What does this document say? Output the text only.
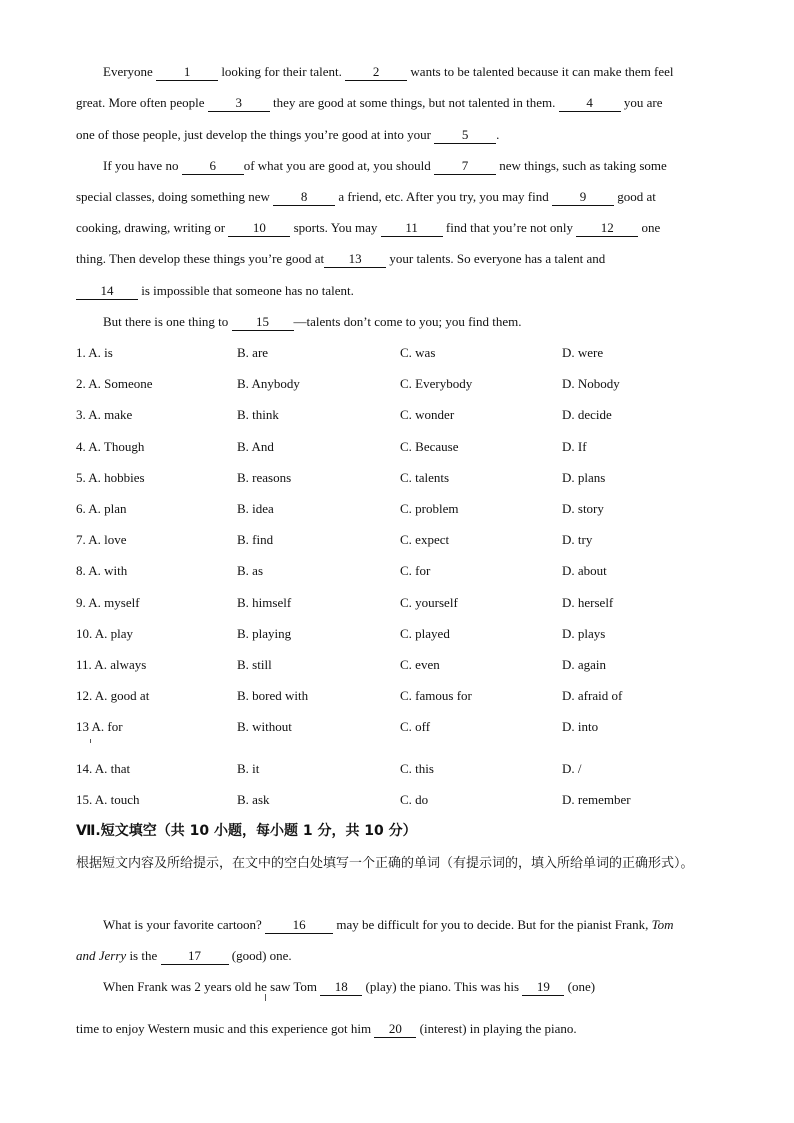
Everyone 1 looking for their talent. 2 wants to be talented because it can make them feel
great. More often people 3 they are good at some things, but not talented in them. 4 you are
one of those people, just develop the things you’re good at into your 5 .
If you have no 6 of what you are good at, you should 7 new things, such as taking some
special classes, doing something new 8 a friend, etc. After you try, you may find 9 good at
cooking, drawing, writing or 10 sports. You may 11 find that you’re not only 12 one
thing. Then develop these things you’re good at 13 your talents. So everyone has a talent and
14 is impossible that someone has no talent.
But there is one thing to 15 —talents don’t come to you; you find them.
1. A. is	B. are	C. was	D. were
2. A. Someone	B. Anybody	C. Everybody	D. Nobody
3. A. make	B. think	C. wonder	D. decide
4. A. Though	B. And	C. Because	D. If
5. A. hobbies	B. reasons	C. talents	D. plans
6. A. plan	B. idea	C. problem	D. story
7. A. love	B. find	C. expect	D. try
8. A. with	B. as	C. for	D. about
9. A. myself	B. himself	C. yourself	D. herself
10. A. play	B. playing	C. played	D. plays
11. A. always	B. still	C. even	D. again
12. A. good at	B. bored with	C. famous for	D. afraid of
13 A. for	B. without	C. off	D. into
14. A. that	B. it	C. this	D. /
15. A. touch	B. ask	C. do	D. remember
Ⅶ.短文填空（共 10 小题，每小题 1 分，共 10 分）
根据短文内容及所给提示，在文中的空白处填写一个正确的单词（有提示词的，填入所给单词的正确形式）。
What is your favorite cartoon? 16 may be difficult for you to decide. But for the pianist Frank, Tom
and Jerry is the 17 (good) one.
When Frank was 2 years old he saw Tom 18 (play) the piano. This was his 19 (one)
time to enjoy Western music and this experience got him 20 (interest) in playing the piano.
